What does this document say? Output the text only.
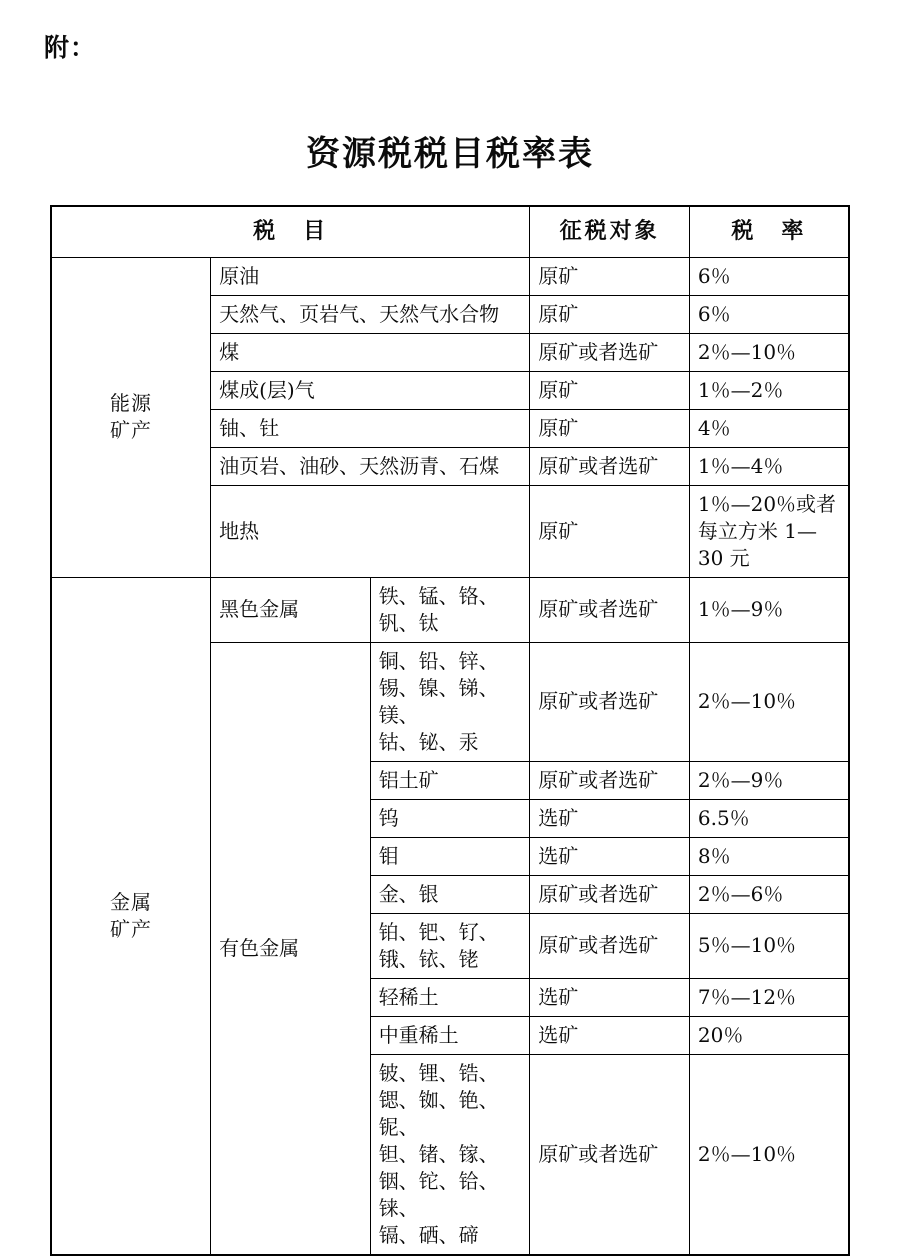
附：
资源税税目税率表
税　目			征税对象	税　率

能源
矿产	原油		原矿	6％
	天然气、页岩气、天然气水合物		原矿	6％
	煤		原矿或者选矿	2％—10％
	煤成(层)气		原矿	1％—2％
	铀、钍		原矿	4％
	油页岩、油砂、天然沥青、石煤		原矿或者选矿	1％—4％
	地热		原矿	1％—20％或者
每立方米 1—
30 元

金属
矿产	黑色金属	铁、锰、铬、钒、钛	原矿或者选矿	1％—9％
	有色金属	铜、铅、锌、锡、镍、锑、镁、
钴、铋、汞	原矿或者选矿	2％—10％
		铝土矿	原矿或者选矿	2％—9％
		钨	选矿	6.5％
		钼	选矿	8％
		金、银	原矿或者选矿	2％—6％
		铂、钯、钌、锇、铱、铑	原矿或者选矿	5％—10％
		轻稀土	选矿	7％—12％
		中重稀土	选矿	20％

		铍、锂、锆、锶、铷、铯、铌、
钽、锗、镓、铟、铊、铪、铼、
镉、硒、碲	原矿或者选矿	2％—10％
